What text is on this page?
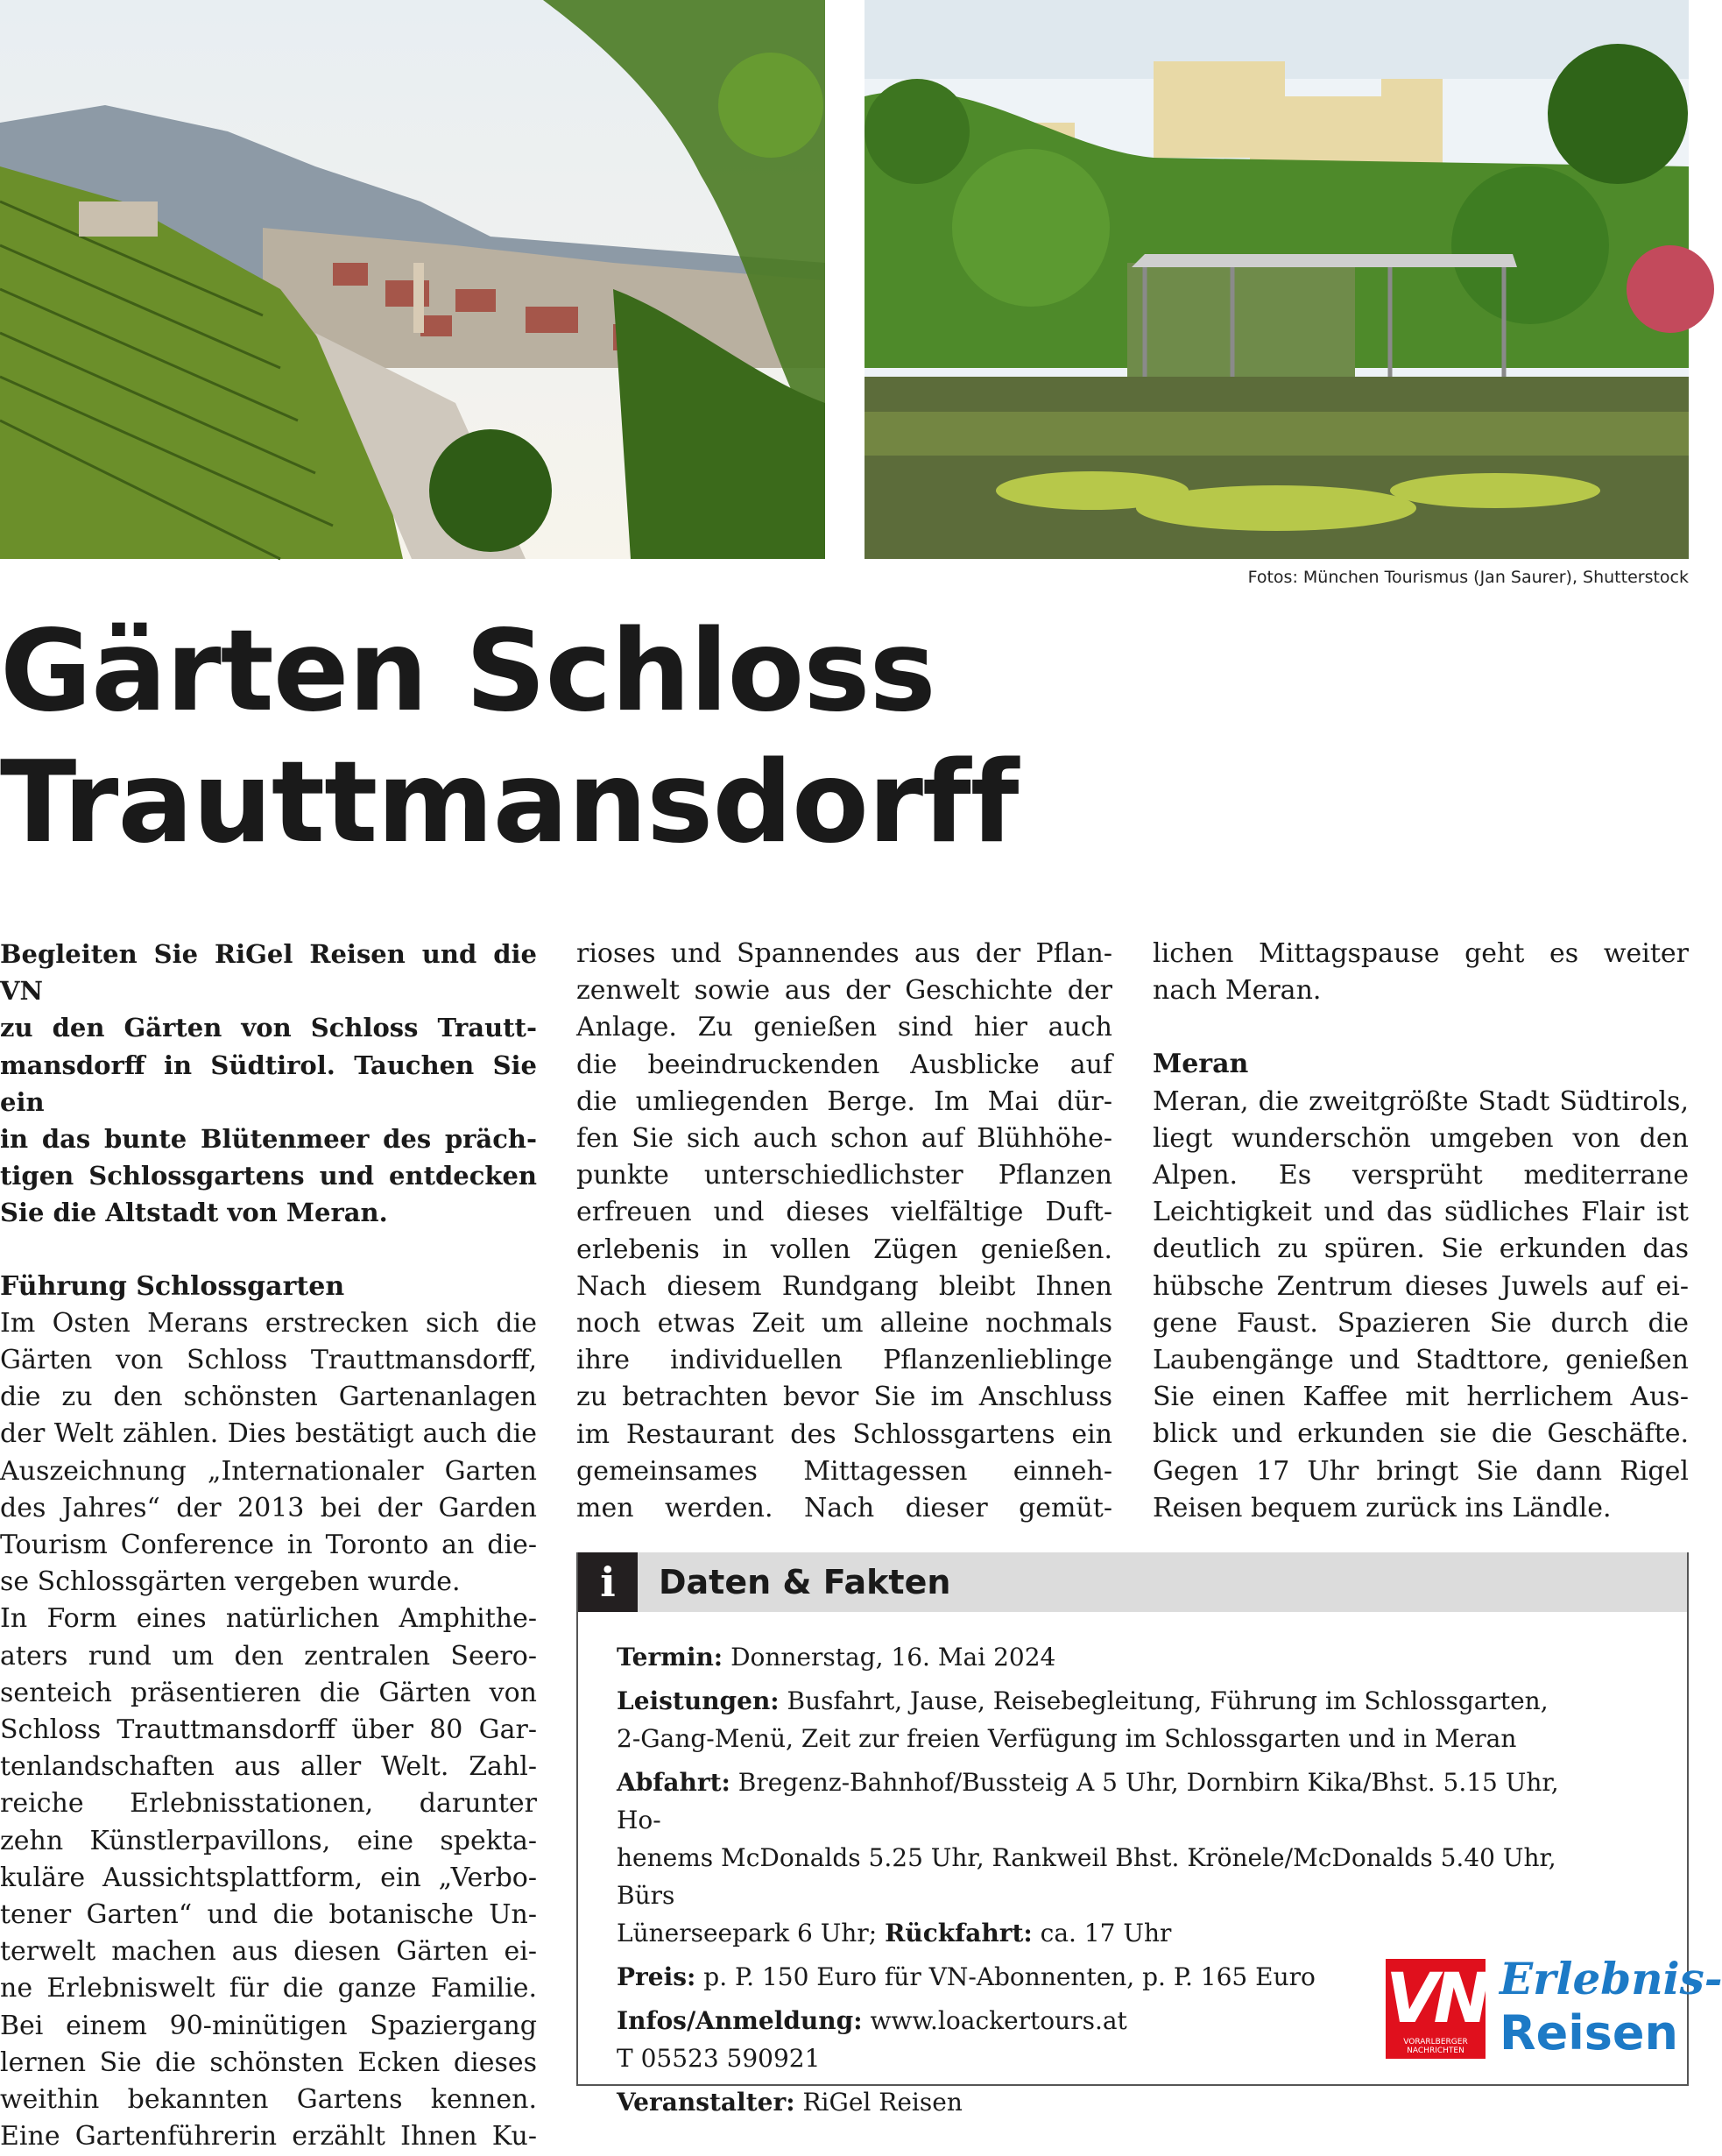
Fotos: München Tourismus (Jan Saurer), Shutterstock
Gärten Schloss
Trauttmansdorff

Begleiten Sie RiGel Reisen und die VN
zu den Gärten von Schloss Trautt-
mansdorff in Südtirol. Tauchen Sie ein
in das bunte Blütenmeer des präch-
tigen Schlossgartens und entdecken
Sie die Altstadt von Meran.

Führung Schlossgarten

Im Osten Merans erstrecken sich die
Gärten von Schloss Trauttmansdorff,
die zu den schönsten Gartenanlagen
der Welt zählen. Dies bestätigt auch die
Auszeichnung „Internationaler Garten
des Jahres“ der 2013 bei der Garden
Tourism Conference in Toronto an die-
se Schlossgärten vergeben wurde.

In Form eines natürlichen Amphithe-
aters rund um den zentralen Seero-
senteich präsentieren die Gärten von
Schloss Trauttmansdorff über 80 Gar-
tenlandschaften aus aller Welt. Zahl-
reiche Erlebnisstationen, darunter
zehn Künstlerpavillons, eine spekta-
kuläre Aussichtsplattform, ein „Verbo-
tener Garten“ und die botanische Un-
terwelt machen aus diesen Gärten ei-
ne Erlebniswelt für die ganze Familie.
Bei einem 90-minütigen Spaziergang
lernen Sie die schönsten Ecken dieses
weithin bekannten Gartens kennen.
Eine Gartenführerin erzählt Ihnen Ku-

rioses und Spannendes aus der Pflan-
zenwelt sowie aus der Geschichte der
Anlage. Zu genießen sind hier auch
die beeindruckenden Ausblicke auf
die umliegenden Berge. Im Mai dür-
fen Sie sich auch schon auf Blühhöhe-
punkte unterschiedlichster Pflanzen
erfreuen und dieses vielfältige Duft-
erlebenis in vollen Zügen genießen.
Nach diesem Rundgang bleibt Ihnen
noch etwas Zeit um alleine nochmals
ihre individuellen Pflanzenlieblinge
zu betrachten bevor Sie im Anschluss
im Restaurant des Schlossgartens ein
gemeinsames Mittagessen einneh-
men werden. Nach dieser gemüt-

lichen Mittagspause geht es weiter
nach Meran.

Meran

Meran, die zweitgrößte Stadt Südtirols,
liegt wunderschön umgeben von den
Alpen. Es versprüht mediterrane
Leichtigkeit und das südliches Flair ist
deutlich zu spüren. Sie erkunden das
hübsche Zentrum dieses Juwels auf ei-
gene Faust. Spazieren Sie durch die
Laubengänge und Stadttore, genießen
Sie einen Kaffee mit herrlichem Aus-
blick und erkunden sie die Geschäfte.
Gegen 17 Uhr bringt Sie dann Rigel
Reisen bequem zurück ins Ländle.

i	Daten & Fakten
Termin: Donnerstag, 16. Mai 2024
Leistungen: Busfahrt, Jause, Reisebegleitung, Führung im Schlossgarten,
2-Gang-Menü, Zeit zur freien Verfügung im Schlossgarten und in Meran
Abfahrt: Bregenz-Bahnhof/Bussteig A 5 Uhr, Dornbirn Kika/Bhst. 5.15 Uhr, Ho-
henems McDonalds 5.25 Uhr, Rankweil Bhst. Krönele/McDonalds 5.40 Uhr, Bürs
Lünerseepark 6 Uhr; Rückfahrt: ca. 17 Uhr
Preis: p. P. 150 Euro für VN-Abonnenten, p. P. 165 Euro
Infos/Anmeldung: www.loackertours.at
T 05523 590921
Veranstalter: RiGel Reisen
VN
VORARLBERGER
NACHRICHTEN
Erlebnis-
Reisen
